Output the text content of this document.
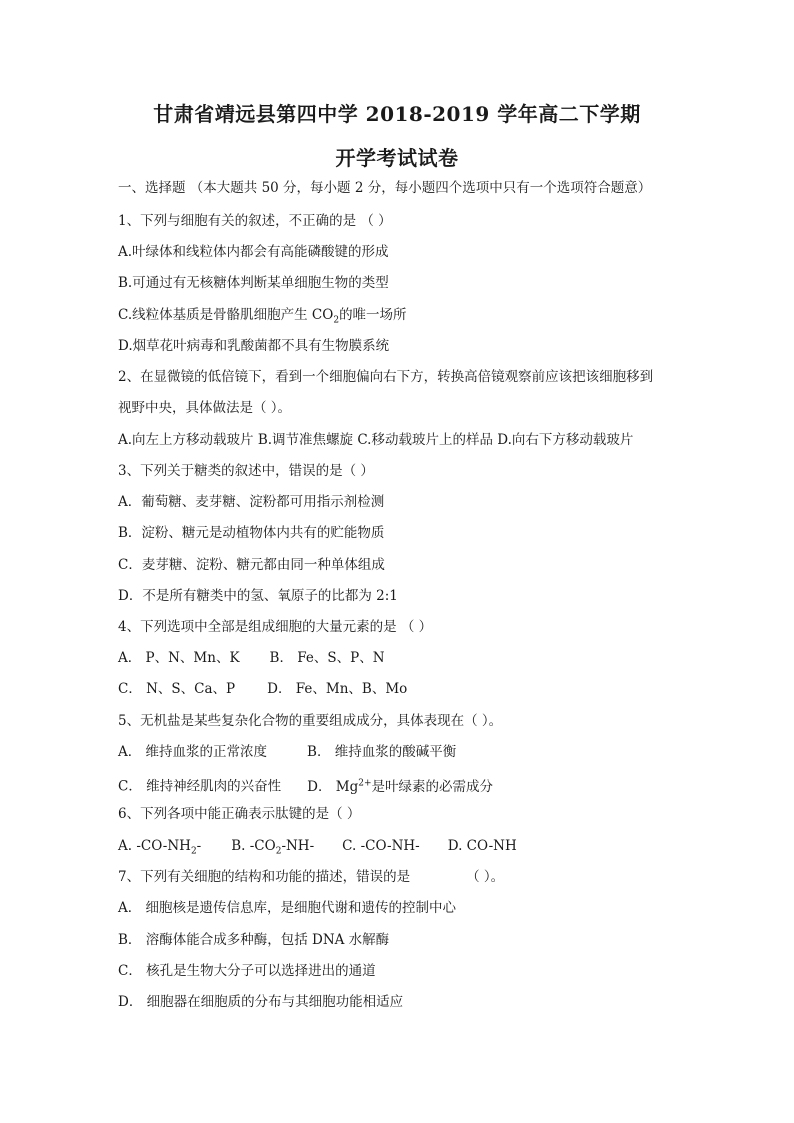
甘肃省靖远县第四中学 2018-2019 学年高二下学期
开学考试试卷
一、选择题 （本大题共 50 分，每小题 2 分，每小题四个选项中只有一个选项符合题意）
1、下列与细胞有关的叙述，不正确的是 （ ）
A.叶绿体和线粒体内都会有高能磷酸键的形成
B.可通过有无核糖体判断某单细胞生物的类型
C.线粒体基质是骨骼肌细胞产生 $CO_2$的唯一场所
D.烟草花叶病毒和乳酸菌都不具有生物膜系统
2、在显微镜的低倍镜下，看到一个细胞偏向右下方，转换高倍镜观察前应该把该细胞移到
视野中央，具体做法是（ ）。
A.向左上方移动载玻片 B.调节准焦螺旋 C.移动载玻片上的样品 D.向右下方移动载玻片
3、下列关于糖类的叙述中，错误的是（ ）
A．葡萄糖、麦芽糖、淀粉都可用指示剂检测
B．淀粉、糖元是动植物体内共有的贮能物质
C．麦芽糖、淀粉、糖元都由同一种单体组成
D．不是所有糖类中的氢、氧原子的比都为 2:1
4、下列选项中全部是组成细胞的大量元素的是 （ ）
A． P、N、Mn、K B． Fe、S、P、N
C． N、S、Ca、P D． Fe、Mn、B、Mo
5、无机盐是某些复杂化合物的重要组成成分，具体表现在（ ）。
A． 维持血浆的正常浓度	B． 维持血浆的酸碱平衡
C． 维持神经肌肉的兴奋性 D． $Mg^{2+}$是叶绿素的必需成分
6、下列各项中能正确表示肽键的是（ ）
A. $-CO-NH_2-$ B. $-CO_2-NH-$ C. -CO-NH- D. CO-NH
7、下列有关细胞的结构和功能的描述，错误的是	（ ）。
A． 细胞核是遗传信息库，是细胞代谢和遗传的控制中心
B． 溶酶体能合成多种酶，包括 DNA 水解酶
C． 核孔是生物大分子可以选择进出的通道
D． 细胞器在细胞质的分布与其细胞功能相适应
